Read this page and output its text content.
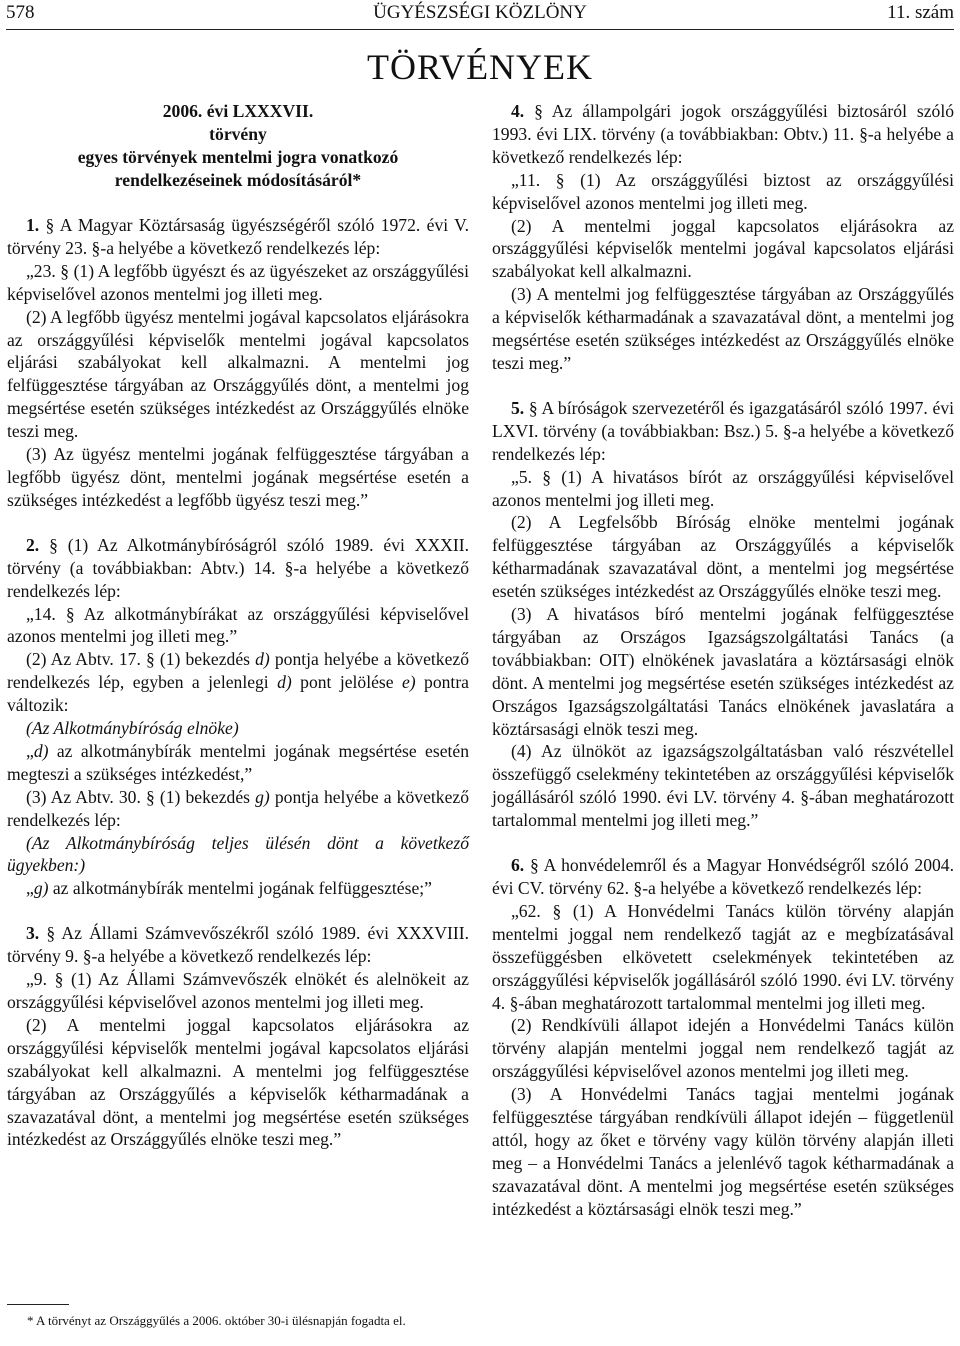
578	ÜGYÉSZSÉGI KÖZLÖNY	11. szám
TÖRVÉNYEK
2006. évi LXXXVII.
törvény
egyes törvények mentelmi jogra vonatkozó
rendelkezéseinek módosításáról*

1. § A Magyar Köztársaság ügyészségéről szóló 1972. évi V. törvény 23. §-a helyébe a következő rendelkezés lép:

„23. § (1) A legfőbb ügyészt és az ügyészeket az országgyűlési képviselővel azonos mentelmi jog illeti meg.

(2) A legfőbb ügyész mentelmi jogával kapcsolatos eljárásokra az országgyűlési képviselők mentelmi jogával kapcsolatos eljárási szabályokat kell alkalmazni. A mentelmi jog felfüggesztése tárgyában az Országgyűlés dönt, a mentelmi jog megsértése esetén szükséges intézkedést az Országgyűlés elnöke teszi meg.

(3) Az ügyész mentelmi jogának felfüggesztése tárgyában a legfőbb ügyész dönt, mentelmi jogának megsértése esetén a szükséges intézkedést a legfőbb ügyész teszi meg.”

2. § (1) Az Alkotmánybíróságról szóló 1989. évi XXXII. törvény (a továbbiakban: Abtv.) 14. §-a helyébe a következő rendelkezés lép:

„14. § Az alkotmánybírákat az országgyűlési képviselővel azonos mentelmi jog illeti meg.”

(2) Az Abtv. 17. § (1) bekezdés d) pontja helyébe a következő rendelkezés lép, egyben a jelenlegi d) pont jelölése e) pontra változik:

(Az Alkotmánybíróság elnöke)

„d) az alkotmánybírák mentelmi jogának megsértése esetén megteszi a szükséges intézkedést,”

(3) Az Abtv. 30. § (1) bekezdés g) pontja helyébe a következő rendelkezés lép:

(Az Alkotmánybíróság teljes ülésén dönt a következő ügyekben:)

„g) az alkotmánybírák mentelmi jogának felfüggesztése;”

3. § Az Állami Számvevőszékről szóló 1989. évi XXXVIII. törvény 9. §-a helyébe a következő rendelkezés lép:

„9. § (1) Az Állami Számvevőszék elnökét és alelnökeit az országgyűlési képviselővel azonos mentelmi jog illeti meg.

(2) A mentelmi joggal kapcsolatos eljárásokra az országgyűlési képviselők mentelmi jogával kapcsolatos eljárási szabályokat kell alkalmazni. A mentelmi jog felfüggesztése tárgyában az Országgyűlés a képviselők kétharmadának a szavazatával dönt, a mentelmi jog megsértése esetén szükséges intézkedést az Országgyűlés elnöke teszi meg.”

4. § Az állampolgári jogok országgyűlési biztosáról szóló 1993. évi LIX. törvény (a továbbiakban: Obtv.) 11. §-a helyébe a következő rendelkezés lép:

„11. § (1) Az országgyűlési biztost az országgyűlési képviselővel azonos mentelmi jog illeti meg.

(2) A mentelmi joggal kapcsolatos eljárásokra az országgyűlési képviselők mentelmi jogával kapcsolatos eljárási szabályokat kell alkalmazni.

(3) A mentelmi jog felfüggesztése tárgyában az Országgyűlés a képviselők kétharmadának a szavazatával dönt, a mentelmi jog megsértése esetén szükséges intézkedést az Országgyűlés elnöke teszi meg.”

5. § A bíróságok szervezetéről és igazgatásáról szóló 1997. évi LXVI. törvény (a továbbiakban: Bsz.) 5. §-a helyébe a következő rendelkezés lép:

„5. § (1) A hivatásos bírót az országgyűlési képviselővel azonos mentelmi jog illeti meg.

(2) A Legfelsőbb Bíróság elnöke mentelmi jogának felfüggesztése tárgyában az Országgyűlés a képviselők kétharmadának szavazatával dönt, a mentelmi jog megsértése esetén szükséges intézkedést az Országgyűlés elnöke teszi meg.

(3) A hivatásos bíró mentelmi jogának felfüggesztése tárgyában az Országos Igazságszolgáltatási Tanács (a továbbiakban: OIT) elnökének javaslatára a köztársasági elnök dönt. A mentelmi jog megsértése esetén szükséges intézkedést az Országos Igazságszolgáltatási Tanács elnökének javaslatára a köztársasági elnök teszi meg.

(4) Az ülnököt az igazságszolgáltatásban való részvétellel összefüggő cselekmény tekintetében az országgyűlési képviselők jogállásáról szóló 1990. évi LV. törvény 4. §-ában meghatározott tartalommal mentelmi jog illeti meg.”

6. § A honvédelemről és a Magyar Honvédségről szóló 2004. évi CV. törvény 62. §-a helyébe a következő rendelkezés lép:

„62. § (1) A Honvédelmi Tanács külön törvény alapján mentelmi joggal nem rendelkező tagját az e megbízatásával összefüggésben elkövetett cselekmények tekintetében az országgyűlési képviselők jogállásáról szóló 1990. évi LV. törvény 4. §-ában meghatározott tartalommal mentelmi jog illeti meg.

(2) Rendkívüli állapot idején a Honvédelmi Tanács külön törvény alapján mentelmi joggal nem rendelkező tagját az országgyűlési képviselővel azonos mentelmi jog illeti meg.

(3) A Honvédelmi Tanács tagjai mentelmi jogának felfüggesztése tárgyában rendkívüli állapot idején – függetlenül attól, hogy az őket e törvény vagy külön törvény alapján illeti meg – a Honvédelmi Tanács a jelenlévő tagok kétharmadának a szavazatával dönt. A mentelmi jog megsértése esetén szükséges intézkedést a köztársasági elnök teszi meg.”

* A törvényt az Országgyűlés a 2006. október 30-i ülésnapján fogadta el.
